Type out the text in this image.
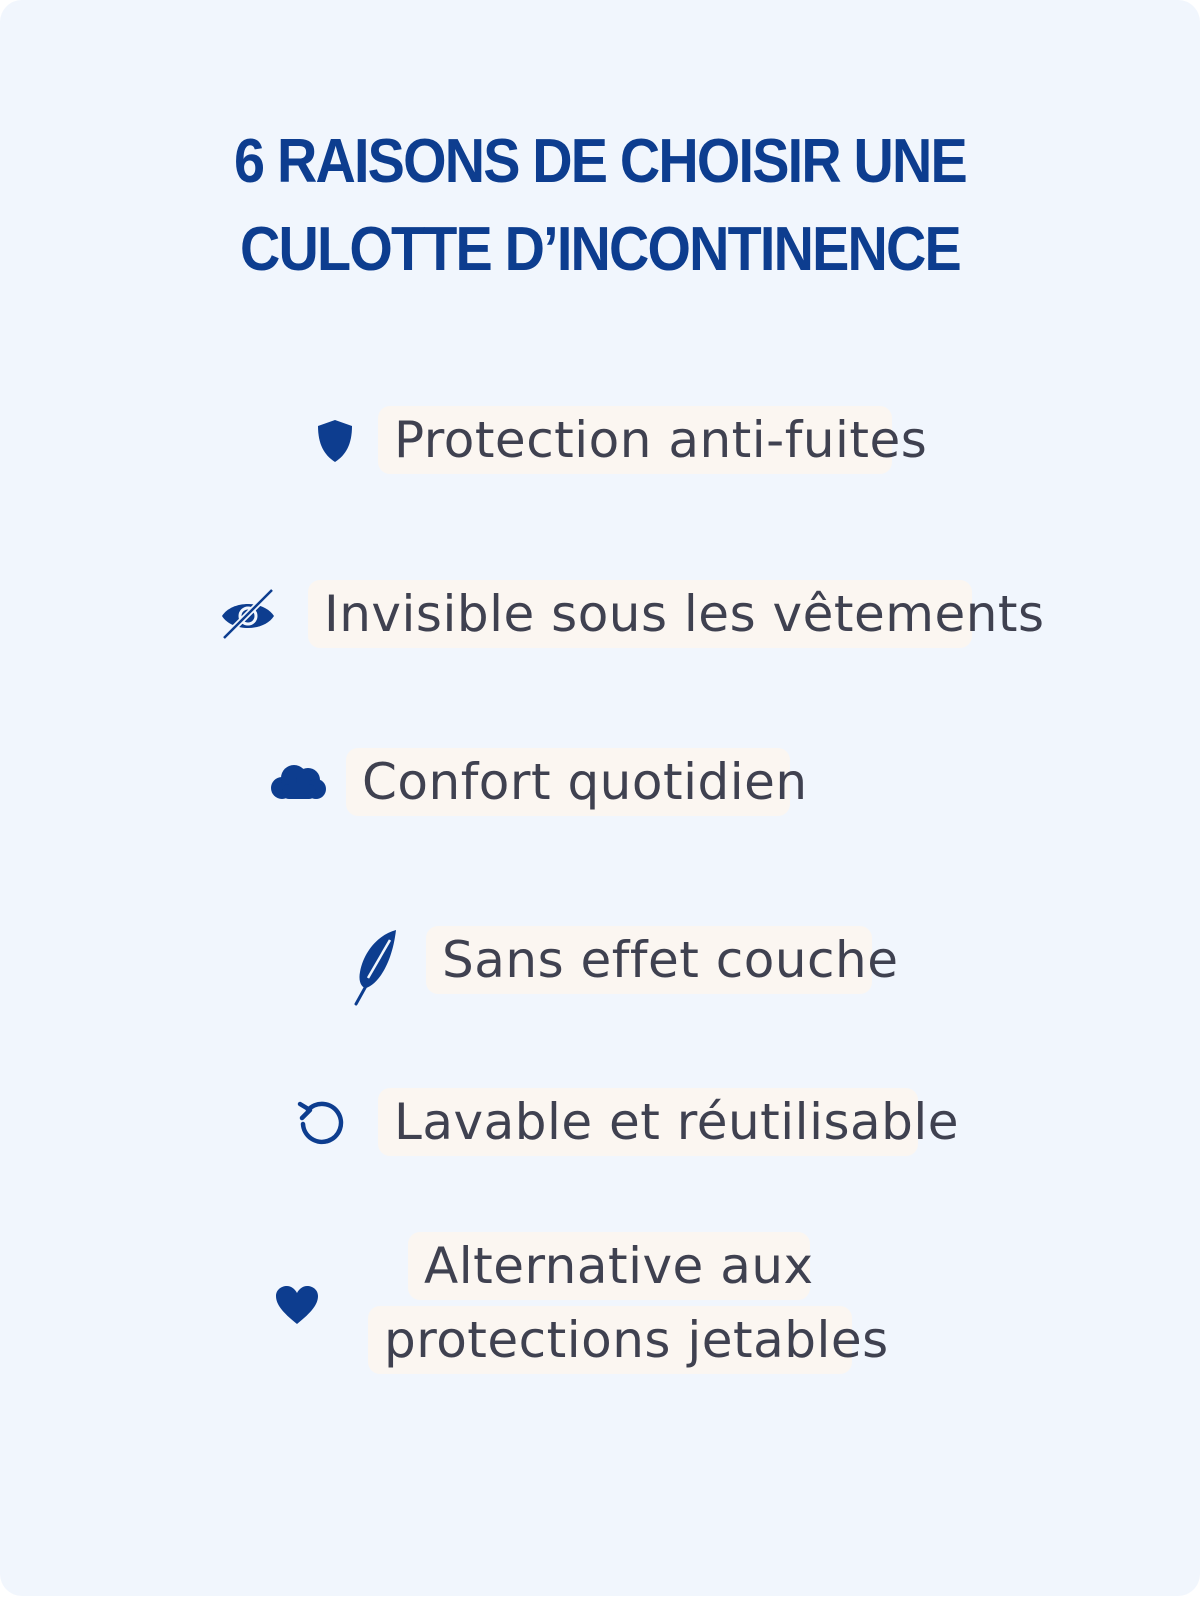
6 RAISONS DE CHOISIR UNE
CULOTTE D’INCONTINENCE
Protection anti-fuites
Invisible sous les vêtements
Confort quotidien
Sans effet couche
Lavable et réutilisable
Alternative aux
protections jetables
